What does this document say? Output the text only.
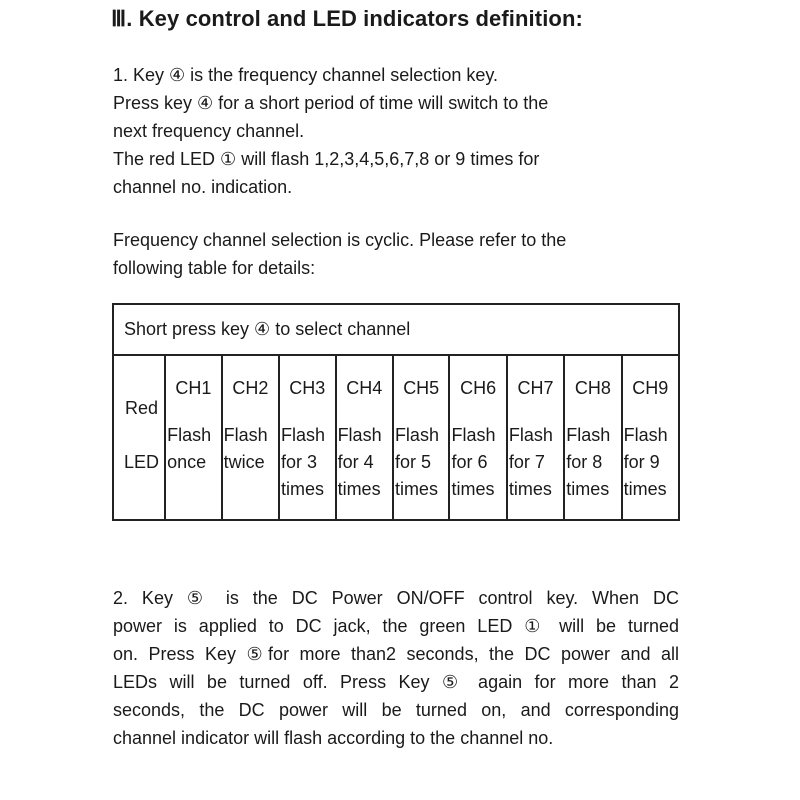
Ⅲ. Key control and LED indicators definition:

1. Key ④ is the frequency channel selection key.
Press key ④ for a short period of time will switch to the
next frequency channel.
The red LED ① will flash 1,2,3,4,5,6,7,8 or 9 times for
channel no. indication.

Frequency channel selection is cyclic. Please refer to the
following table for details:

Short press key ④ to select channel									

Red
LED	CH1	CH2	CH3	CH4	CH5	CH6	CH7	CH8	CH9

	Flash
once	Flash
twice	Flash
for 3
times	Flash
for 4
times	Flash
for 5
times	Flash
for 6
times	Flash
for 7
times	Flash
for 8
times	Flash
for 9
times

2. Key ⑤ is the DC Power ON/OFF control key. When DC
power is applied to DC jack, the green LED ① will be turned
on. Press Key ⑤for more than2 seconds, the DC power and all
LEDs will be turned off. Press Key ⑤ again for more than 2
seconds, the DC power will be turned on, and corresponding
channel indicator will flash according to the channel no.
